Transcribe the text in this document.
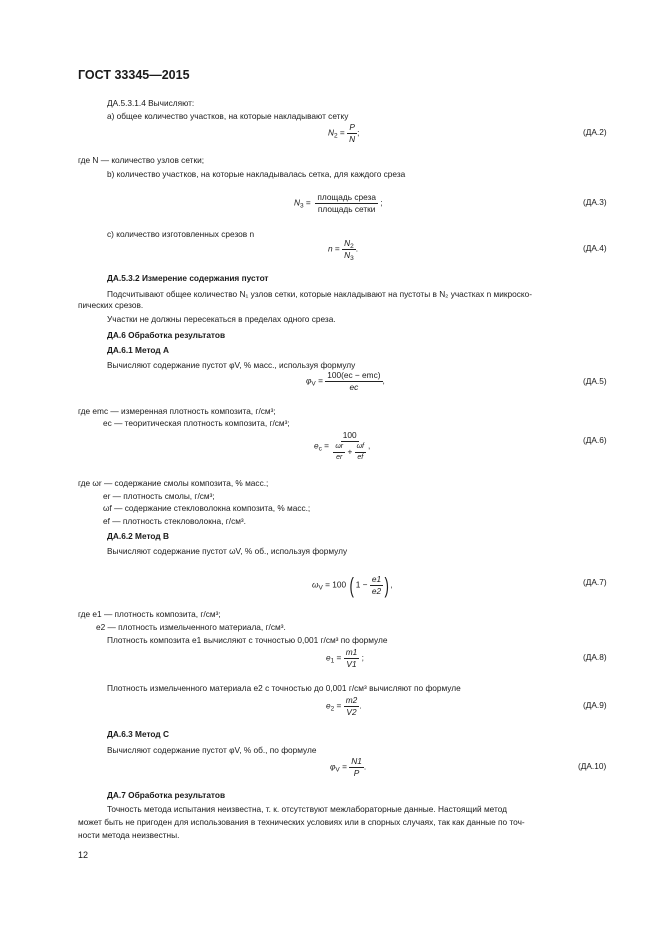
ГОСТ 33345—2015
ДА.5.3.1.4 Вычисляют:
a) общее количество участков, на которые накладывают сетку
$N_2 = \frac{P}{N}$ ;	(ДА.2)
где N — количество узлов сетки;
b) количество участков, на которые накладывалась сетка, для каждого среза
$N_3$ =
площадь среза
площадь сетки
;	(ДА.3)
c) количество изготовленных срезов n
$n = \frac{N_2}{N_3}$ .	(ДА.4)
ДА.5.3.2 Измерение содержания пустот
Подсчитывают общее количество N₁ узлов сетки, которые накладывают на пустоты в N₂ участках n микроско-
пических срезов.
Участки не должны пересекаться в пределах одного среза.
ДА.6 Обработка результатов
ДА.6.1 Метод А
Вычисляют содержание пустот φV, % масс., используя формулу
$\varphi_V$ =
100(eс − emc)
eс
,	(ДА.5)
где emc — измеренная плотность композита, г/см³;
ec — теоритическая плотность композита, г/см³;
$e_c$ =
100
$\frac{\omega r}{er} + \frac{\omega f}{ef}$ ,
(ДА.6)
где ωr — содержание смолы композита, % масс.;
er — плотность смолы, г/см³;
ωf — содержание стекловолокна композита, % масс.;
ef — плотность стекловолокна, г/см³.
ДА.6.2 Метод В
Вычисляют содержание пустот ωV, % об., используя формулу
$\omega_V = 100$ ($1 - \frac{e1}{e2}$ ),	(ДА.7)
где e1 — плотность композита, г/см³;
e2 — плотность измельченного материала, г/см³.
Плотность композита e1 вычисляют с точностью 0,001 г/см³ по формуле
$e_1 = \frac{m1}{V1}$ ;	(ДА.8)
Плотность измельченного материала e2 с точностью до 0,001 г/см³ вычисляют по формуле
$e_2 = \frac{m2}{V2}$ .	(ДА.9)
ДА.6.3 Метод С
Вычисляют содержание пустот φV, % об., по формуле
$\varphi_V = \frac{N1}{P}$ .	(ДА.10)
ДА.7 Обработка результатов
Точность метода испытания неизвестна, т. к. отсутствуют межлабораторные данные. Настоящий метод
может быть не пригоден для использования в технических условиях или в спорных случаях, так как данные по точ-
ности метода неизвестны.
12
